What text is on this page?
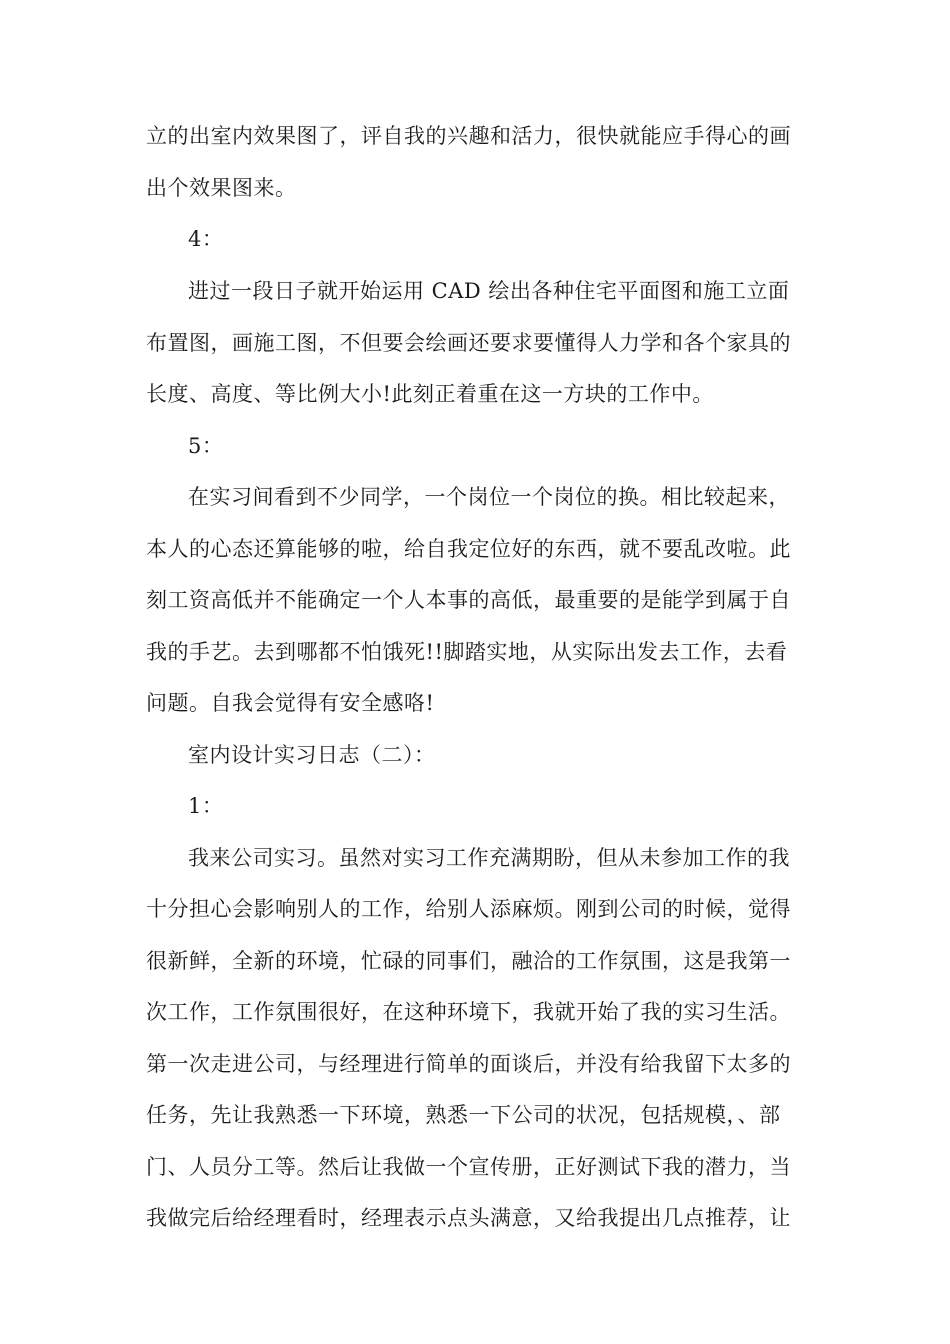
立的出室内效果图了，评自我的兴趣和活力，很快就能应手得心的画
出个效果图来。
4：
进过一段日子就开始运用 CAD 绘出各种住宅平面图和施工立面
布置图，画施工图，不但要会绘画还要求要懂得人力学和各个家具的
长度、高度、等比例大小!此刻正着重在这一方块的工作中。
5：
在实习间看到不少同学，一个岗位一个岗位的换。相比较起来，
本人的心态还算能够的啦，给自我定位好的东西，就不要乱改啦。此
刻工资高低并不能确定一个人本事的高低，最重要的是能学到属于自
我的手艺。去到哪都不怕饿死!!脚踏实地，从实际出发去工作，去看
问题。自我会觉得有安全感咯!
室内设计实习日志（二）：
1：
我来公司实习。虽然对实习工作充满期盼，但从未参加工作的我
十分担心会影响别人的工作，给别人添麻烦。刚到公司的时候，觉得
很新鲜，全新的环境，忙碌的同事们，融洽的工作氛围，这是我第一
次工作，工作氛围很好，在这种环境下，我就开始了我的实习生活。
第一次走进公司，与经理进行简单的面谈后，并没有给我留下太多的
任务，先让我熟悉一下环境，熟悉一下公司的状况，包括规模，、部
门、人员分工等。然后让我做一个宣传册，正好测试下我的潜力，当
我做完后给经理看时，经理表示点头满意，又给我提出几点推荐，让
